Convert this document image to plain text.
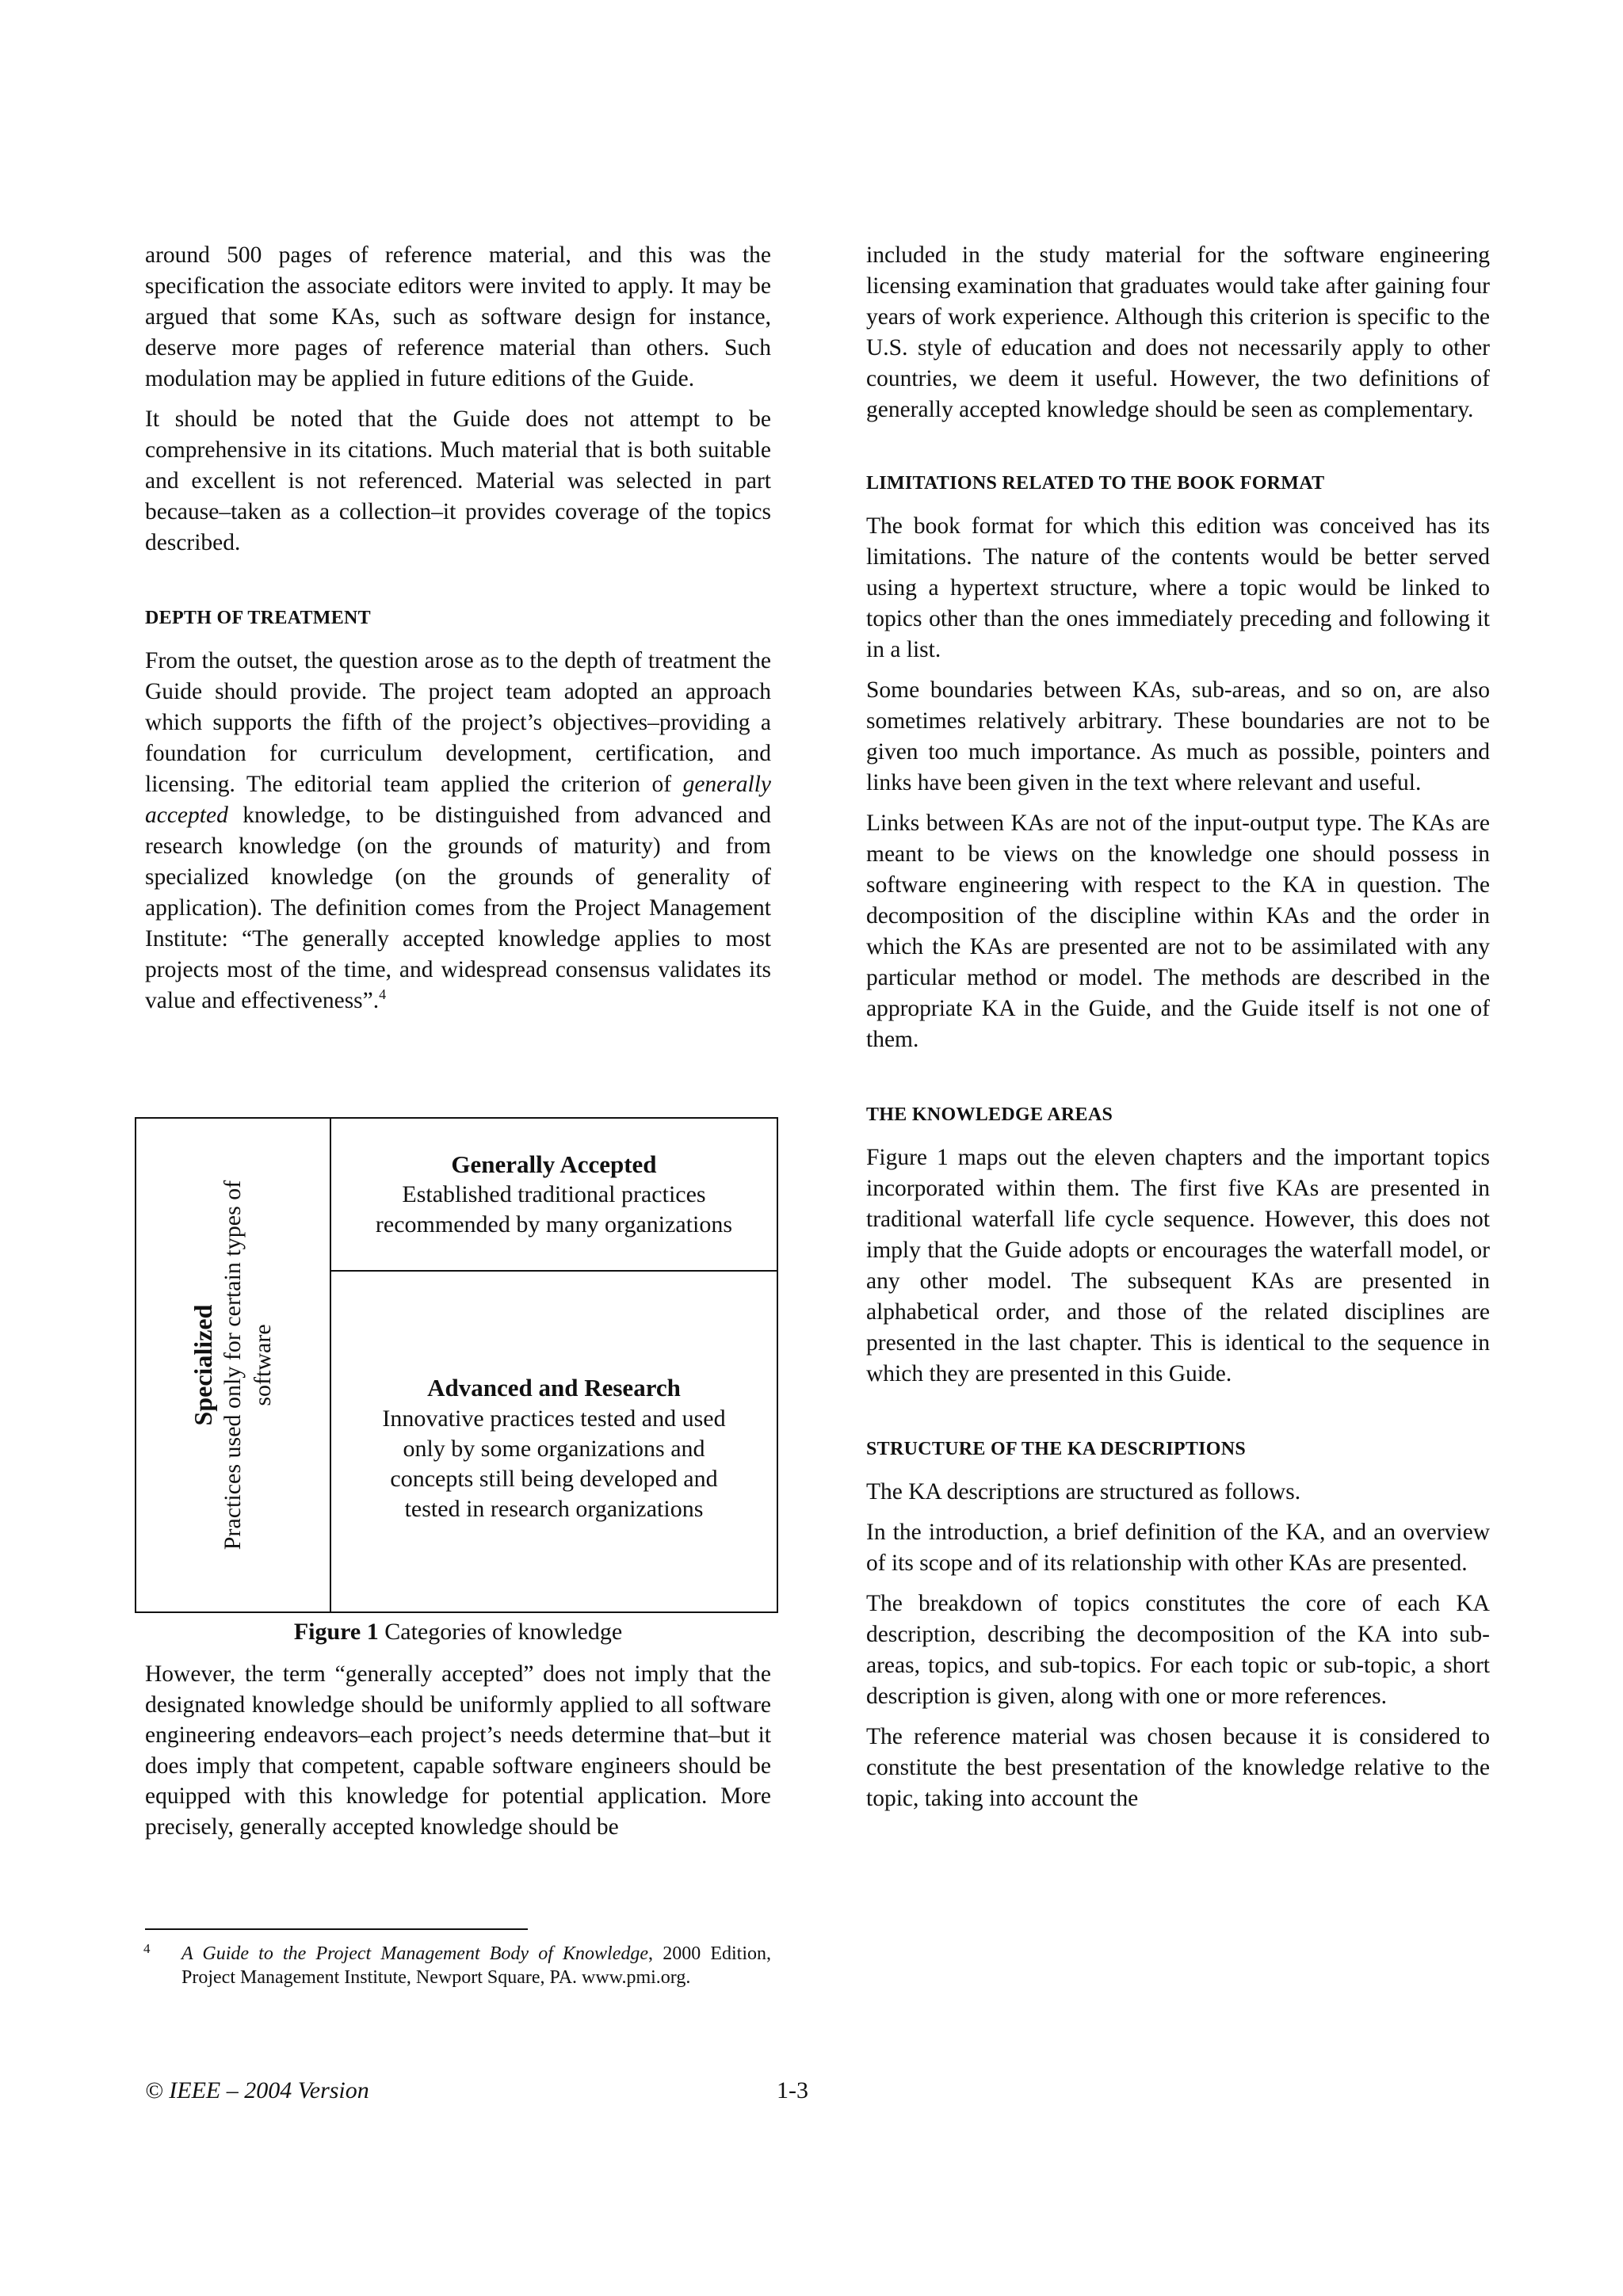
around 500 pages of reference material, and this was the specification the associate editors were invited to apply. It may be argued that some KAs, such as software design for instance, deserve more pages of reference material than others. Such modulation may be applied in future editions of the Guide.

It should be noted that the Guide does not attempt to be comprehensive in its citations. Much material that is both suitable and excellent is not referenced. Material was selected in part because–taken as a collection–it provides coverage of the topics described.

DEPTH OF TREATMENT

From the outset, the question arose as to the depth of treatment the Guide should provide. The project team adopted an approach which supports the fifth of the project’s objectives–providing a foundation for curriculum development, certification, and licensing. The editorial team applied the criterion of generally accepted knowledge, to be distinguished from advanced and research knowledge (on the grounds of maturity) and from specialized knowledge (on the grounds of generality of application). The definition comes from the Project Management Institute: “The generally accepted knowledge applies to most projects most of the time, and widespread consensus validates its value and effectiveness”.$^4$

Specialized Practices used only for certain types of software
Generally Accepted
Established traditional practices recommended by many organizations
Advanced and Research
Innovative practices tested and used only by some organizations and concepts still being developed and tested in research organizations
Figure 1 Categories of knowledge

However, the term “generally accepted” does not imply that the designated knowledge should be uniformly applied to all software engineering endeavors–each project’s needs determine that–but it does imply that competent, capable software engineers should be equipped with this knowledge for potential application. More precisely, generally accepted knowledge should be

4	A Guide to the Project Management Body of Knowledge, 2000 Edition, Project Management Institute, Newport Square, PA. www.pmi.org.

included in the study material for the software engineering licensing examination that graduates would take after gaining four years of work experience. Although this criterion is specific to the U.S. style of education and does not necessarily apply to other countries, we deem it useful. However, the two definitions of generally accepted knowledge should be seen as complementary.

LIMITATIONS RELATED TO THE BOOK FORMAT

The book format for which this edition was conceived has its limitations. The nature of the contents would be better served using a hypertext structure, where a topic would be linked to topics other than the ones immediately preceding and following it in a list.

Some boundaries between KAs, sub-areas, and so on, are also sometimes relatively arbitrary. These boundaries are not to be given too much importance. As much as possible, pointers and links have been given in the text where relevant and useful.

Links between KAs are not of the input-output type. The KAs are meant to be views on the knowledge one should possess in software engineering with respect to the KA in question. The decomposition of the discipline within KAs and the order in which the KAs are presented are not to be assimilated with any particular method or model. The methods are described in the appropriate KA in the Guide, and the Guide itself is not one of them.

THE KNOWLEDGE AREAS

Figure 1 maps out the eleven chapters and the important topics incorporated within them. The first five KAs are presented in traditional waterfall life cycle sequence. However, this does not imply that the Guide adopts or encourages the waterfall model, or any other model. The subsequent KAs are presented in alphabetical order, and those of the related disciplines are presented in the last chapter. This is identical to the sequence in which they are presented in this Guide.

STRUCTURE OF THE KA DESCRIPTIONS

The KA descriptions are structured as follows.

In the introduction, a brief definition of the KA, and an overview of its scope and of its relationship with other KAs are presented.

The breakdown of topics constitutes the core of each KA description, describing the decomposition of the KA into sub-areas, topics, and sub-topics. For each topic or sub-topic, a short description is given, along with one or more references.

The reference material was chosen because it is considered to constitute the best presentation of the knowledge relative to the topic, taking into account the

© IEEE – 2004 Version	1-3
